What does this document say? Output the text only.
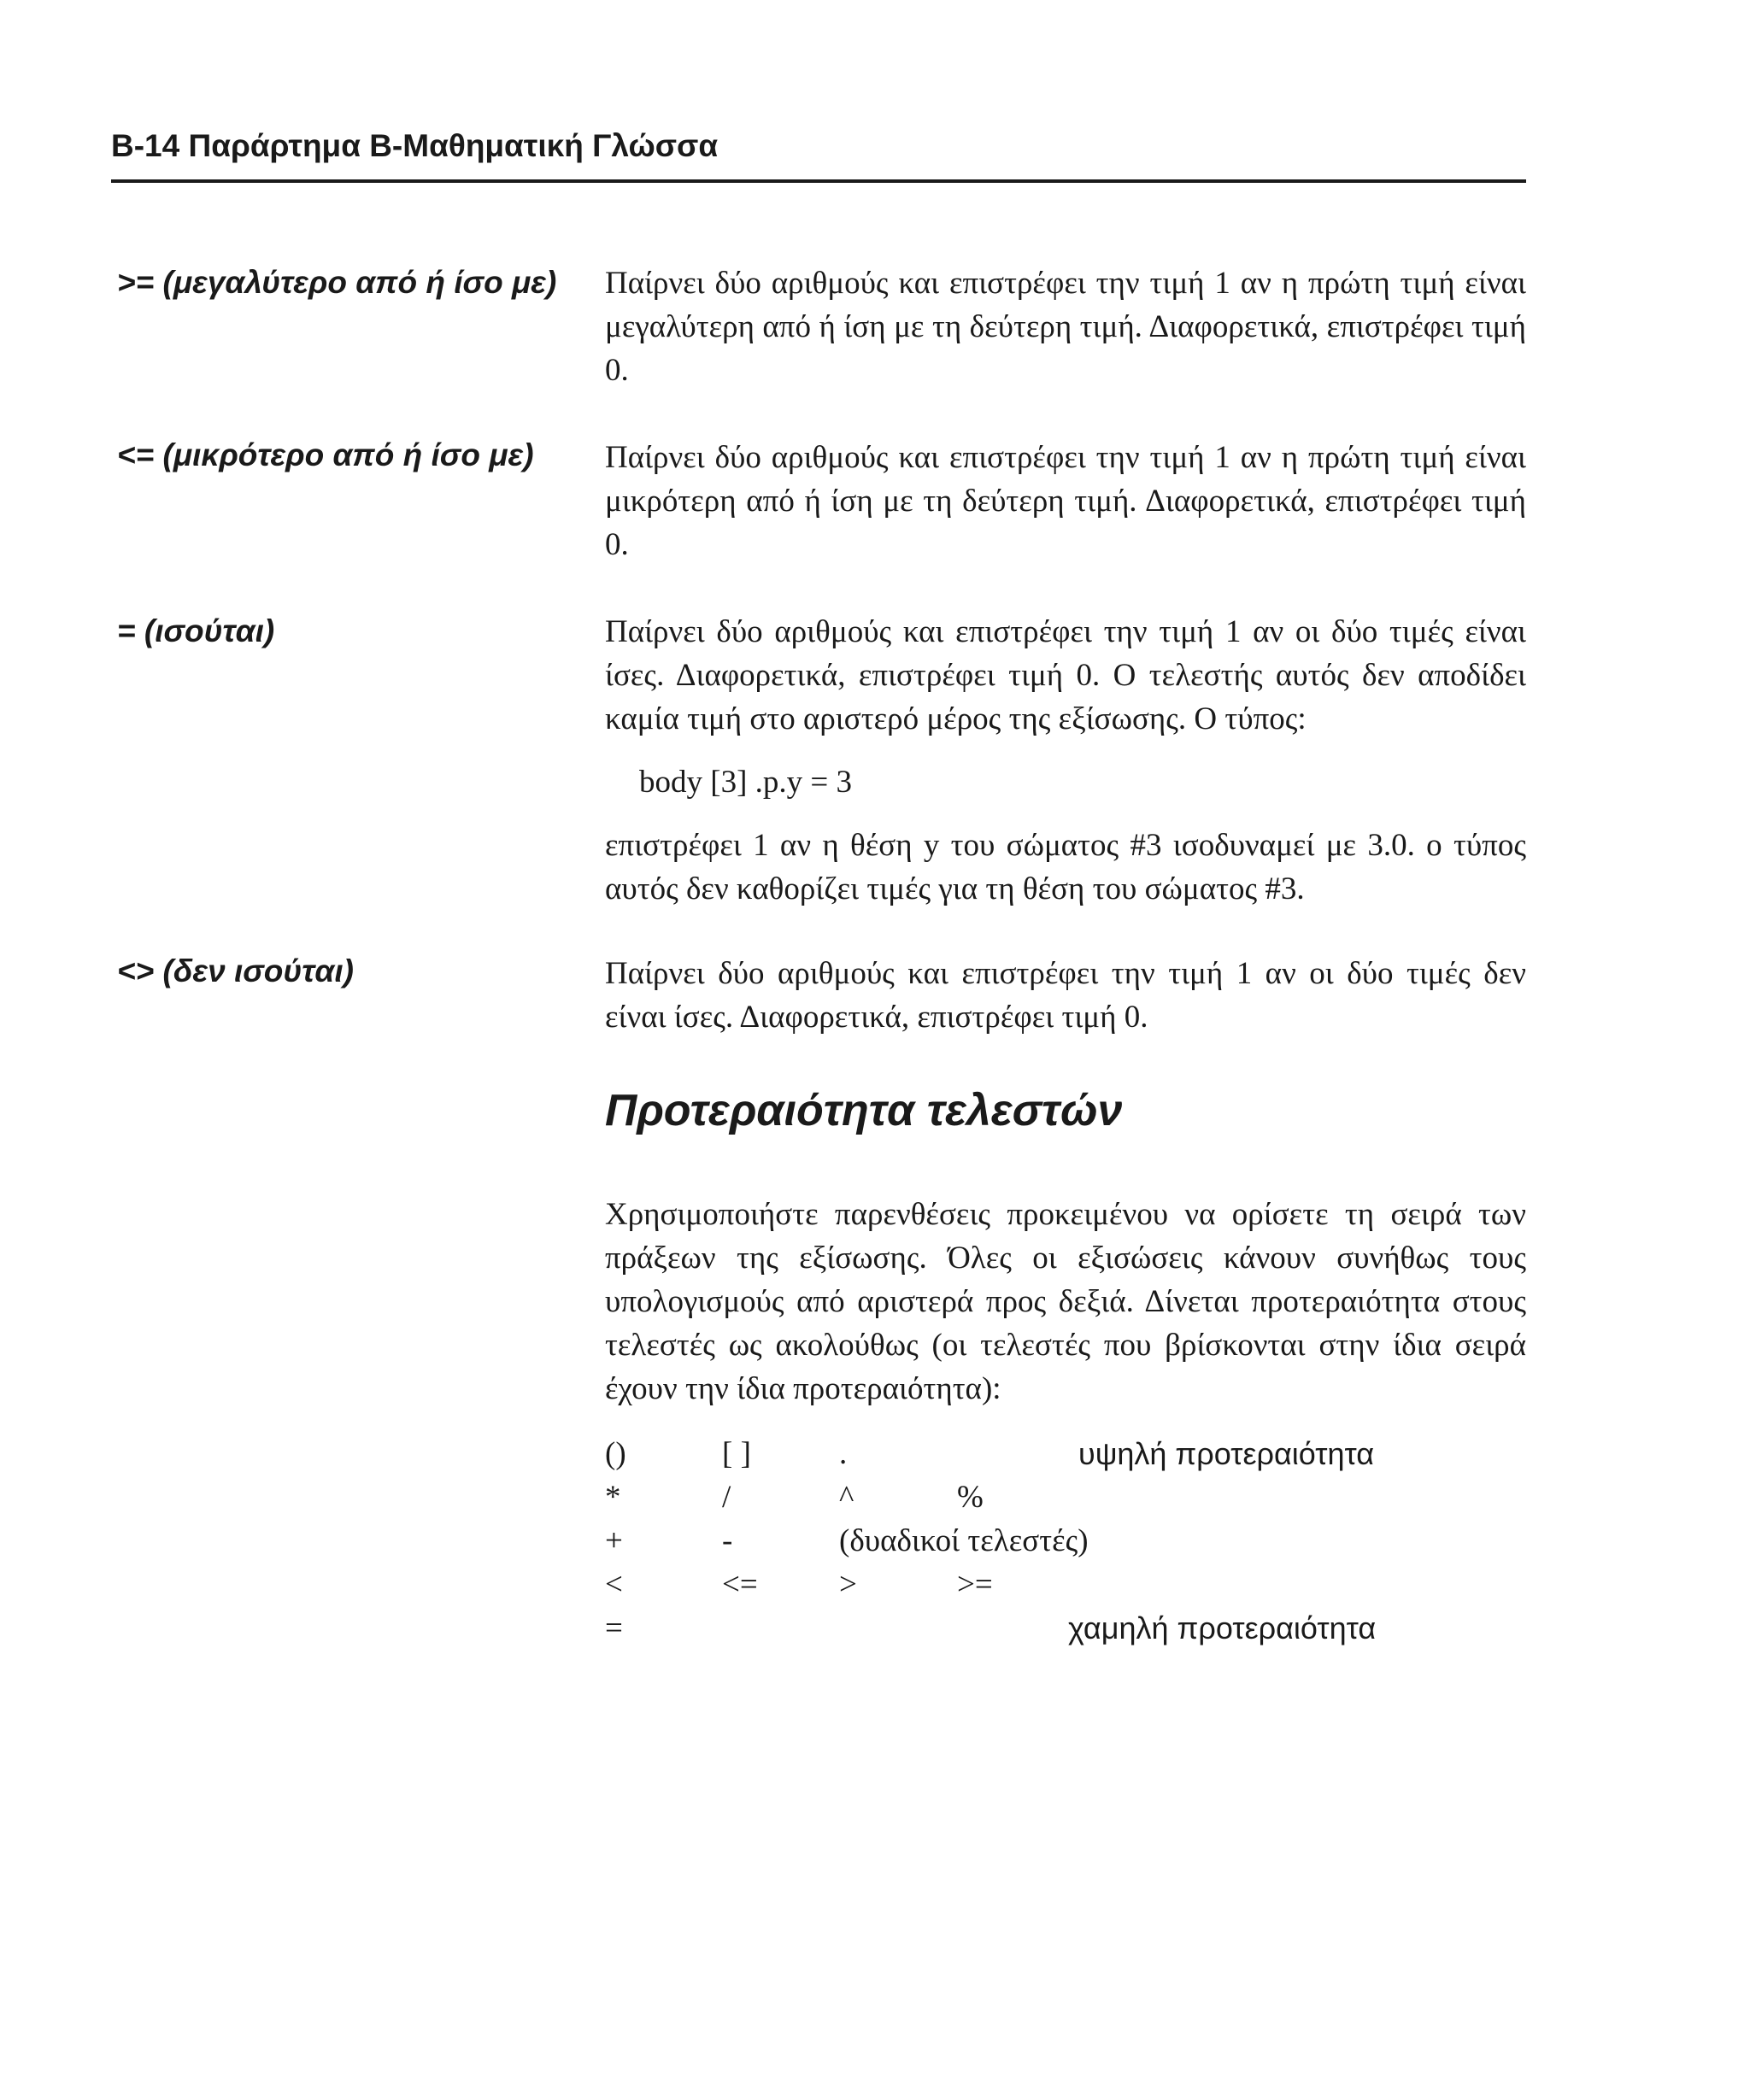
B-14 Παράρτημα B-Μαθηματική Γλώσσα
>= (μεγαλύτερο από ή ίσο με)	Παίρνει δύο αριθμούς και επιστρέφει την τιμή 1 αν η πρώτη τιμή είναι μεγαλύτερη από ή ίση με τη δεύτερη τιμή. Διαφορετικά, επιστρέφει τιμή 0.
<= (μικρότερο από ή ίσο με)	Παίρνει δύο αριθμούς και επιστρέφει την τιμή 1 αν η πρώτη τιμή είναι μικρότερη από ή ίση με τη δεύτερη τιμή. Διαφορετικά, επιστρέφει τιμή 0.
= (ισούται)	Παίρνει δύο αριθμούς και επιστρέφει την τιμή 1 αν οι δύο τιμές είναι ίσες. Διαφορετικά, επιστρέφει τιμή 0. Ο τελεστής αυτός δεν αποδίδει καμία τιμή στο αριστερό μέρος της εξίσωσης. Ο τύπος:
body [3] .p.y = 3
επιστρέφει 1 αν η θέση y του σώματος #3 ισοδυναμεί με 3.0. ο τύπος αυτός δεν καθορίζει τιμές για τη θέση του σώματος #3.
<> (δεν ισούται)	Παίρνει δύο αριθμούς και επιστρέφει την τιμή 1 αν οι δύο τιμές δεν είναι ίσες. Διαφορετικά, επιστρέφει τιμή 0.
Προτεραιότητα τελεστών
Χρησιμοποιήστε παρενθέσεις προκειμένου να ορίσετε τη σειρά των πράξεων της εξίσωσης. Όλες οι εξισώσεις κάνουν συνήθως τους υπολογισμούς από αριστερά προς δεξιά. Δίνεται προτεραιότητα στους τελεστές ως ακολούθως (οι τελεστές που βρίσκονται στην ίδια σειρά έχουν την ίδια προτεραιότητα):
()	[ ]	.	υψηλή προτεραιότητα
*	/	^	%
+	-	(δυαδικοί τελεστές)
<	<=	>	>=
=	χαμηλή προτεραιότητα
